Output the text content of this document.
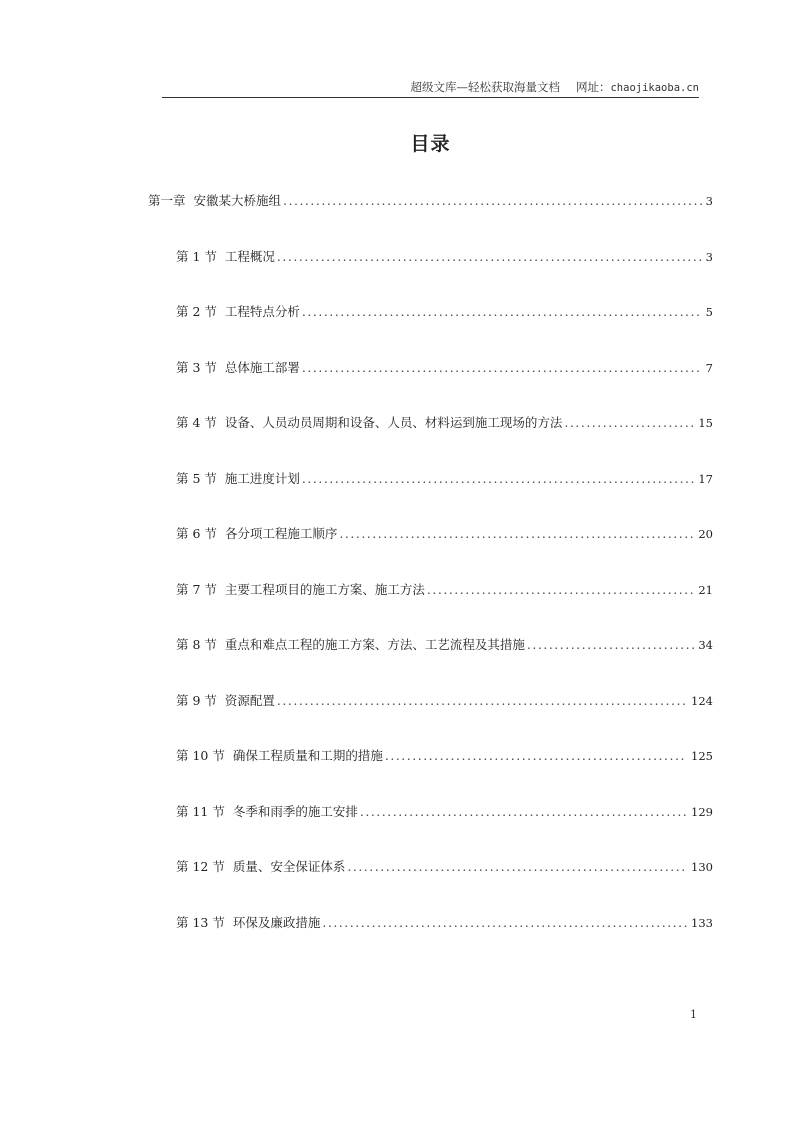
超级文库—轻松获取海量文档 网址：chaojikaoba.cn
目录
第一章 安徽某大桥施组 .....	3
第 1 节 工程概况 .....	3
第 2 节 工程特点分析 .....	5
第 3 节 总体施工部署 .....	7
第 4 节 设备、人员动员周期和设备、人员、材料运到施工现场的方法 .....	15
第 5 节 施工进度计划 .....	17
第 6 节 各分项工程施工顺序 .....	20
第 7 节 主要工程项目的施工方案、施工方法 .....	21
第 8 节 重点和难点工程的施工方案、方法、工艺流程及其措施 .....	34
第 9 节 资源配置 .....	124
第 10 节 确保工程质量和工期的措施 .....	125
第 11 节 冬季和雨季的施工安排 .....	129
第 12 节 质量、安全保证体系 .....	130
第 13 节 环保及廉政措施 .....	133
1
